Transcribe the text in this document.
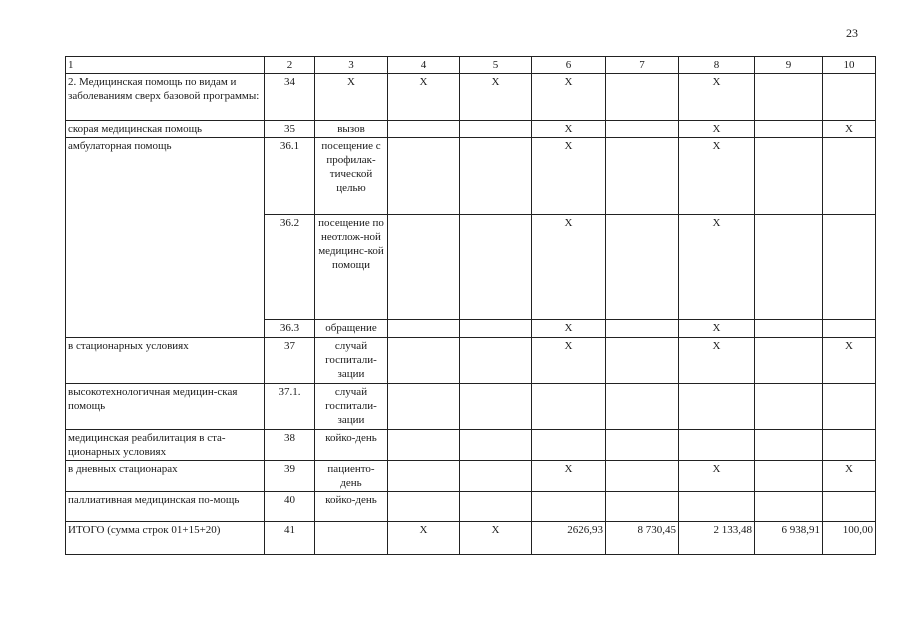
23
1	2	3	4	5	6	7	8	9	10
2. Медицинская помощь по видам и заболеваниям сверх базовой программы:	34	Х	Х	Х	Х		Х		
скорая медицинская помощь	35	вызов			Х		Х		Х
амбулаторная помощь	36.1	посещение с профилак-тической целью			Х		Х		
	36.2	посещение по неотлож-ной медицинс-кой помощи			Х		Х		
	36.3	обращение			Х		Х		
в стационарных условиях	37	случай госпитали-зации			Х		Х		Х
высокотехнологичная медицин-ская помощь	37.1.	случай госпитали-зации							
медицинская реабилитация в ста-ционарных условиях	38	койко-день							
в дневных стационарах	39	пациенто-день			Х		Х		Х
паллиативная медицинская по-мощь	40	койко-день							
ИТОГО (сумма строк 01+15+20)	41		Х	Х	2626,93	8 730,45	2 133,48	6 938,91	100,00
